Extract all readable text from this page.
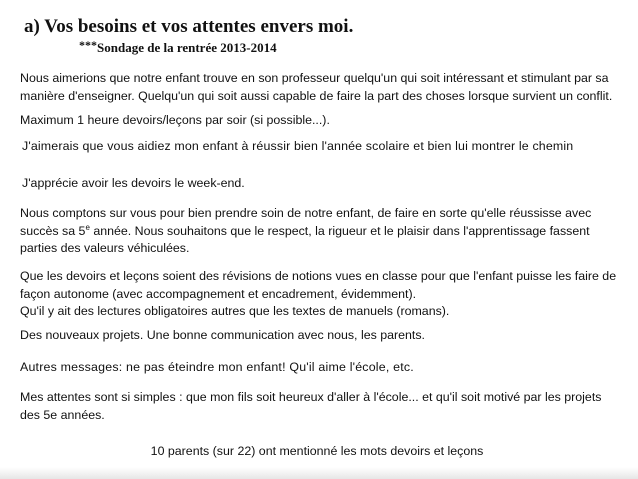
a) Vos besoins et vos attentes envers moi.
***Sondage de la rentrée 2013-2014
Nous aimerions que notre enfant trouve en son professeur quelqu'un qui soit intéressant et stimulant par sa
manière d'enseigner. Quelqu'un qui soit aussi capable de faire la part des choses lorsque survient un conflit.
Maximum 1 heure devoirs/leçons par soir (si possible...).
J'aimerais que vous aidiez mon enfant à réussir bien l'année scolaire et bien lui montrer le chemin
J'apprécie avoir les devoirs le week-end.
Nous comptons sur vous pour bien prendre soin de notre enfant, de faire en sorte qu'elle réussisse avec
succès sa 5e année. Nous souhaitons que le respect, la rigueur et le plaisir dans l'apprentissage fassent
parties des valeurs véhiculées.
Que les devoirs et leçons soient des révisions de notions vues en classe pour que l'enfant puisse les faire de
façon autonome (avec accompagnement et encadrement, évidemment).
Qu'il y ait des lectures obligatoires autres que les textes de manuels (romans).
Des nouveaux projets. Une bonne communication avec nous, les parents.
Autres messages: ne pas éteindre mon enfant! Qu'il aime l'école, etc.
Mes attentes sont si simples : que mon fils soit heureux d'aller à l'école... et qu'il soit motivé par les projets
des 5e années.
10 parents (sur 22) ont mentionné les mots devoirs et leçons
